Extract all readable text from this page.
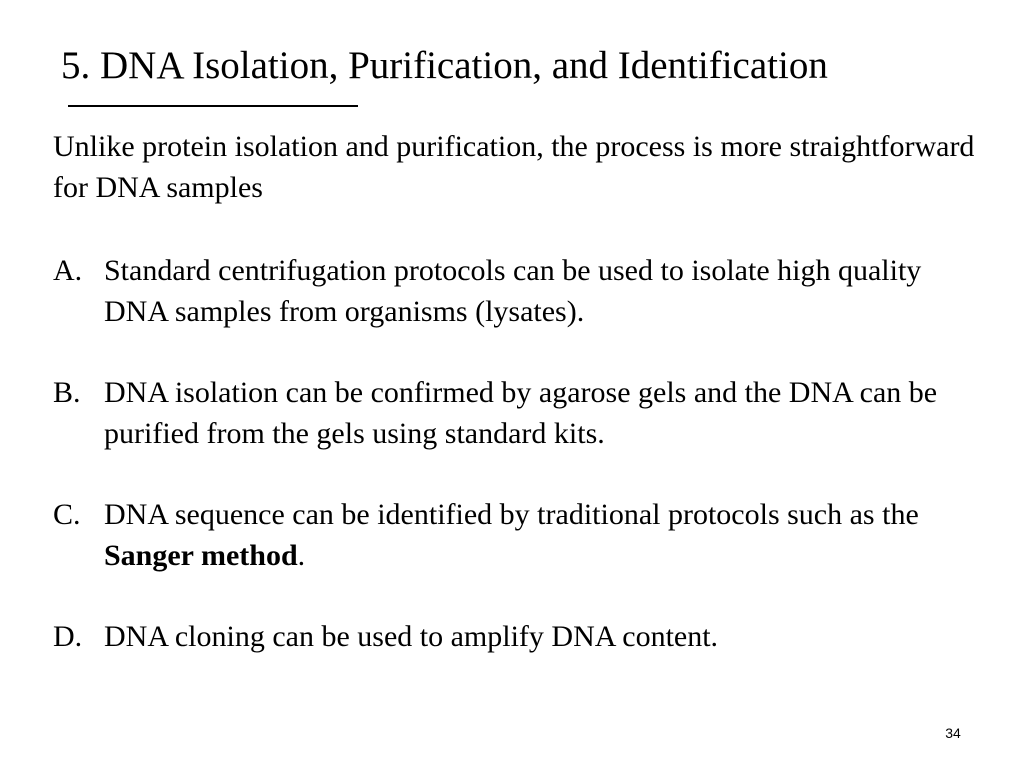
5. DNA Isolation, Purification, and Identification

Unlike protein isolation and purification, the process is more straightforward for DNA samples

A. Standard centrifugation protocols can be used to isolate high quality DNA samples from organisms (lysates).
B. DNA isolation can be confirmed by agarose gels and the DNA can be purified from the gels using standard kits.
C. DNA sequence can be identified by traditional protocols such as the Sanger method.
D. DNA cloning can be used to amplify DNA content.
34
